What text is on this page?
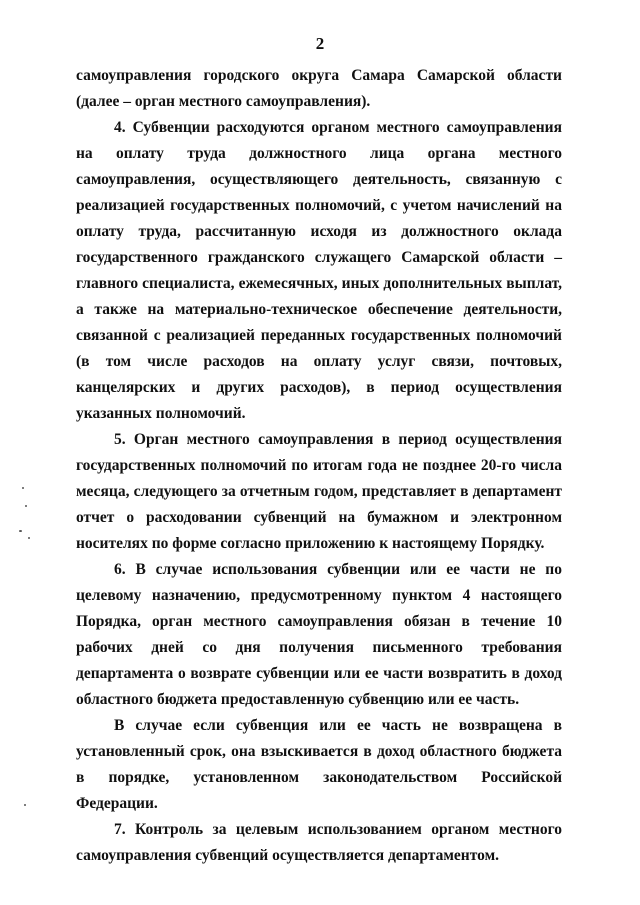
2

самоуправления городского округа Самара Самарской области (далее – орган местного самоуправления).

4. Субвенции расходуются органом местного самоуправления на оплату труда должностного лица органа местного самоуправления, осуществляющего деятельность, связанную с реализацией государственных полномочий, с учетом начислений на оплату труда, рассчитанную исходя из должностного оклада государственного гражданского служащего Самарской области – главного специалиста, ежемесячных, иных дополнительных выплат, а также на материально-техническое обеспечение деятельности, связанной с реализацией переданных государственных полномочий (в том числе расходов на оплату услуг связи, почтовых, канцелярских и других расходов), в период осуществления указанных полномочий.

5. Орган местного самоуправления в период осуществления государственных полномочий по итогам года не позднее 20-го числа месяца, следующего за отчетным годом, представляет в департамент отчет о расходовании субвенций на бумажном и электронном носителях по форме согласно приложению к настоящему Порядку.

6. В случае использования субвенции или ее части не по целевому назначению, предусмотренному пунктом 4 настоящего Порядка, орган местного самоуправления обязан в течение 10 рабочих дней со дня получения письменного требования департамента о возврате субвенции или ее части возвратить в доход областного бюджета предоставленную субвенцию или ее часть.

В случае если субвенция или ее часть не возвращена в установленный срок, она взыскивается в доход областного бюджета в порядке, установленном законодательством Российской Федерации.

7. Контроль за целевым использованием органом местного самоуправления субвенций осуществляется департаментом.
